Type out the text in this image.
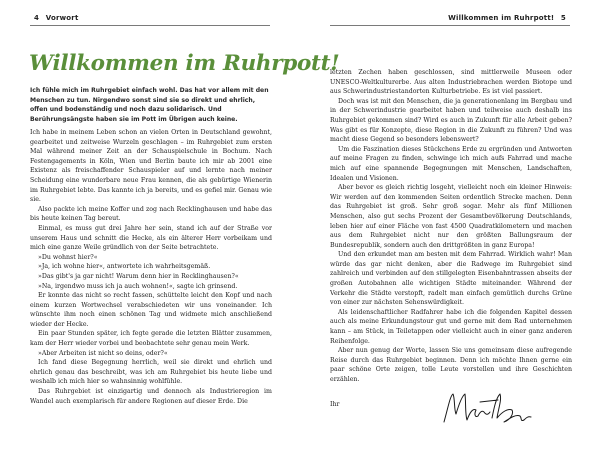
4 Vorwort
Willkommen im Ruhrpott!
Ich fühle mich im Ruhrgebiet einfach wohl. Das hat vor allem mit den Menschen zu tun. Nirgendwo sonst sind sie so direkt und ehrlich, offen und bodenständig und noch dazu solidarisch. Und Berührungsängste haben sie im Pott im Übrigen auch keine.

Ich habe in meinem Leben schon an vielen Orten in Deutschland gewohnt, gearbeitet und zeitweise Wurzeln geschlagen – im Ruhrgebiet zum ersten Mal während meiner Zeit an der Schauspielschule in Bochum. Nach Festengagements in Köln, Wien und Berlin baute ich mir ab 2001 eine Existenz als freischaffender Schauspieler auf und lernte nach meiner Scheidung eine wunderbare neue Frau kennen, die als gebürtige Wienerin im Ruhrgebiet lebte. Das kannte ich ja bereits, und es gefiel mir. Genau wie sie.

Also packte ich meine Koffer und zog nach Recklinghausen und habe das bis heute keinen Tag bereut.

Einmal, es muss gut drei Jahre her sein, stand ich auf der Straße vor unserem Haus und schnitt die Hecke, als ein älterer Herr vorbeikam und mich eine ganze Weile gründlich von der Seite betrachtete.

»Du wohnst hier?«

»Ja, ich wohne hier«, antwortete ich wahrheitsgemäß.

»Das gibt's ja gar nicht! Warum denn hier in Recklinghausen?«

»Na, irgendwo muss ich ja auch wohnen!«, sagte ich grinsend.

Er konnte das nicht so recht fassen, schüttelte leicht den Kopf und nach einem kurzen Wortwechsel verabschiedeten wir uns voneinander. Ich wünschte ihm noch einen schönen Tag und widmete mich anschließend wieder der Hecke.

Ein paar Stunden später, ich fegte gerade die letzten Blätter zusammen, kam der Herr wieder vorbei und beobachtete sehr genau mein Werk.

»Aber Arbeiten ist nicht so deins, oder?«

Ich fand diese Begegnung herrlich, weil sie direkt und ehrlich und ehrlich genau das beschreibt, was ich am Ruhrgebiet bis heute liebe und weshalb ich mich hier so wahnsinnig wohlfühle.

Das Ruhrgebiet ist einzigartig und dennoch als Industrieregion im Wandel auch exemplarisch für andere Regionen auf dieser Erde. Die

Willkommen im Ruhrpott! 5

letzten Zechen haben geschlossen, sind mittlerweile Museen oder UNESCO-Weltkulturerbe. Aus alten Industriebrachen werden Biotope und aus Schwerindustriestandorten Kulturbetriebe. Es ist viel passiert.

Doch was ist mit den Menschen, die ja generationenlang im Bergbau und in der Schwerindustrie gearbeitet haben und teilweise auch deshalb ins Ruhrgebiet gekommen sind? Wird es auch in Zukunft für alle Arbeit geben? Was gibt es für Konzepte, diese Region in die Zukunft zu führen? Und was macht diese Gegend so besonders lebenswert?

Um die Faszination dieses Stückchens Erde zu ergründen und Antworten auf meine Fragen zu finden, schwinge ich mich aufs Fahrrad und mache mich auf eine spannende Begegnungen mit Menschen, Landschaften, Idealen und Visionen.

Aber bevor es gleich richtig losgeht, vielleicht noch ein kleiner Hinweis: Wir werden auf den kommenden Seiten ordentlich Strecke machen. Denn das Ruhrgebiet ist groß. Sehr groß sogar. Mehr als fünf Millionen Menschen, also gut sechs Prozent der Gesamtbevölkerung Deutschlands, leben hier auf einer Fläche von fast 4500 Quadratkilometern und machen aus dem Ruhrgebiet nicht nur den größten Ballungsraum der Bundesrepublik, sondern auch den drittgrößten in ganz Europa!

Und den erkundet man am besten mit dem Fahrrad. Wirklich wahr! Man würde das gar nicht denken, aber die Radwege im Ruhrgebiet sind zahlreich und verbinden auf den stillgelegten Eisenbahntrassen abseits der großen Autobahnen alle wichtigen Städte miteinander. Während der Verkehr die Städte verstopft, radelt man einfach gemütlich durchs Grüne von einer zur nächsten Sehenswürdigkeit.

Als leidenschaftlicher Radfahrer habe ich die folgenden Kapitel dessen auch als meine Erkundungstour gut und gerne mit dem Rad unternehmen kann – am Stück, in Teiletappen oder vielleicht auch in einer ganz anderen Reihenfolge.

Aber nun genug der Worte, lassen Sie uns gemeinsam diese aufregende Reise durch das Ruhrgebiet beginnen. Denn ich möchte Ihnen gerne ein paar schöne Orte zeigen, tolle Leute vorstellen und ihre Geschichten erzählen.

Ihr
